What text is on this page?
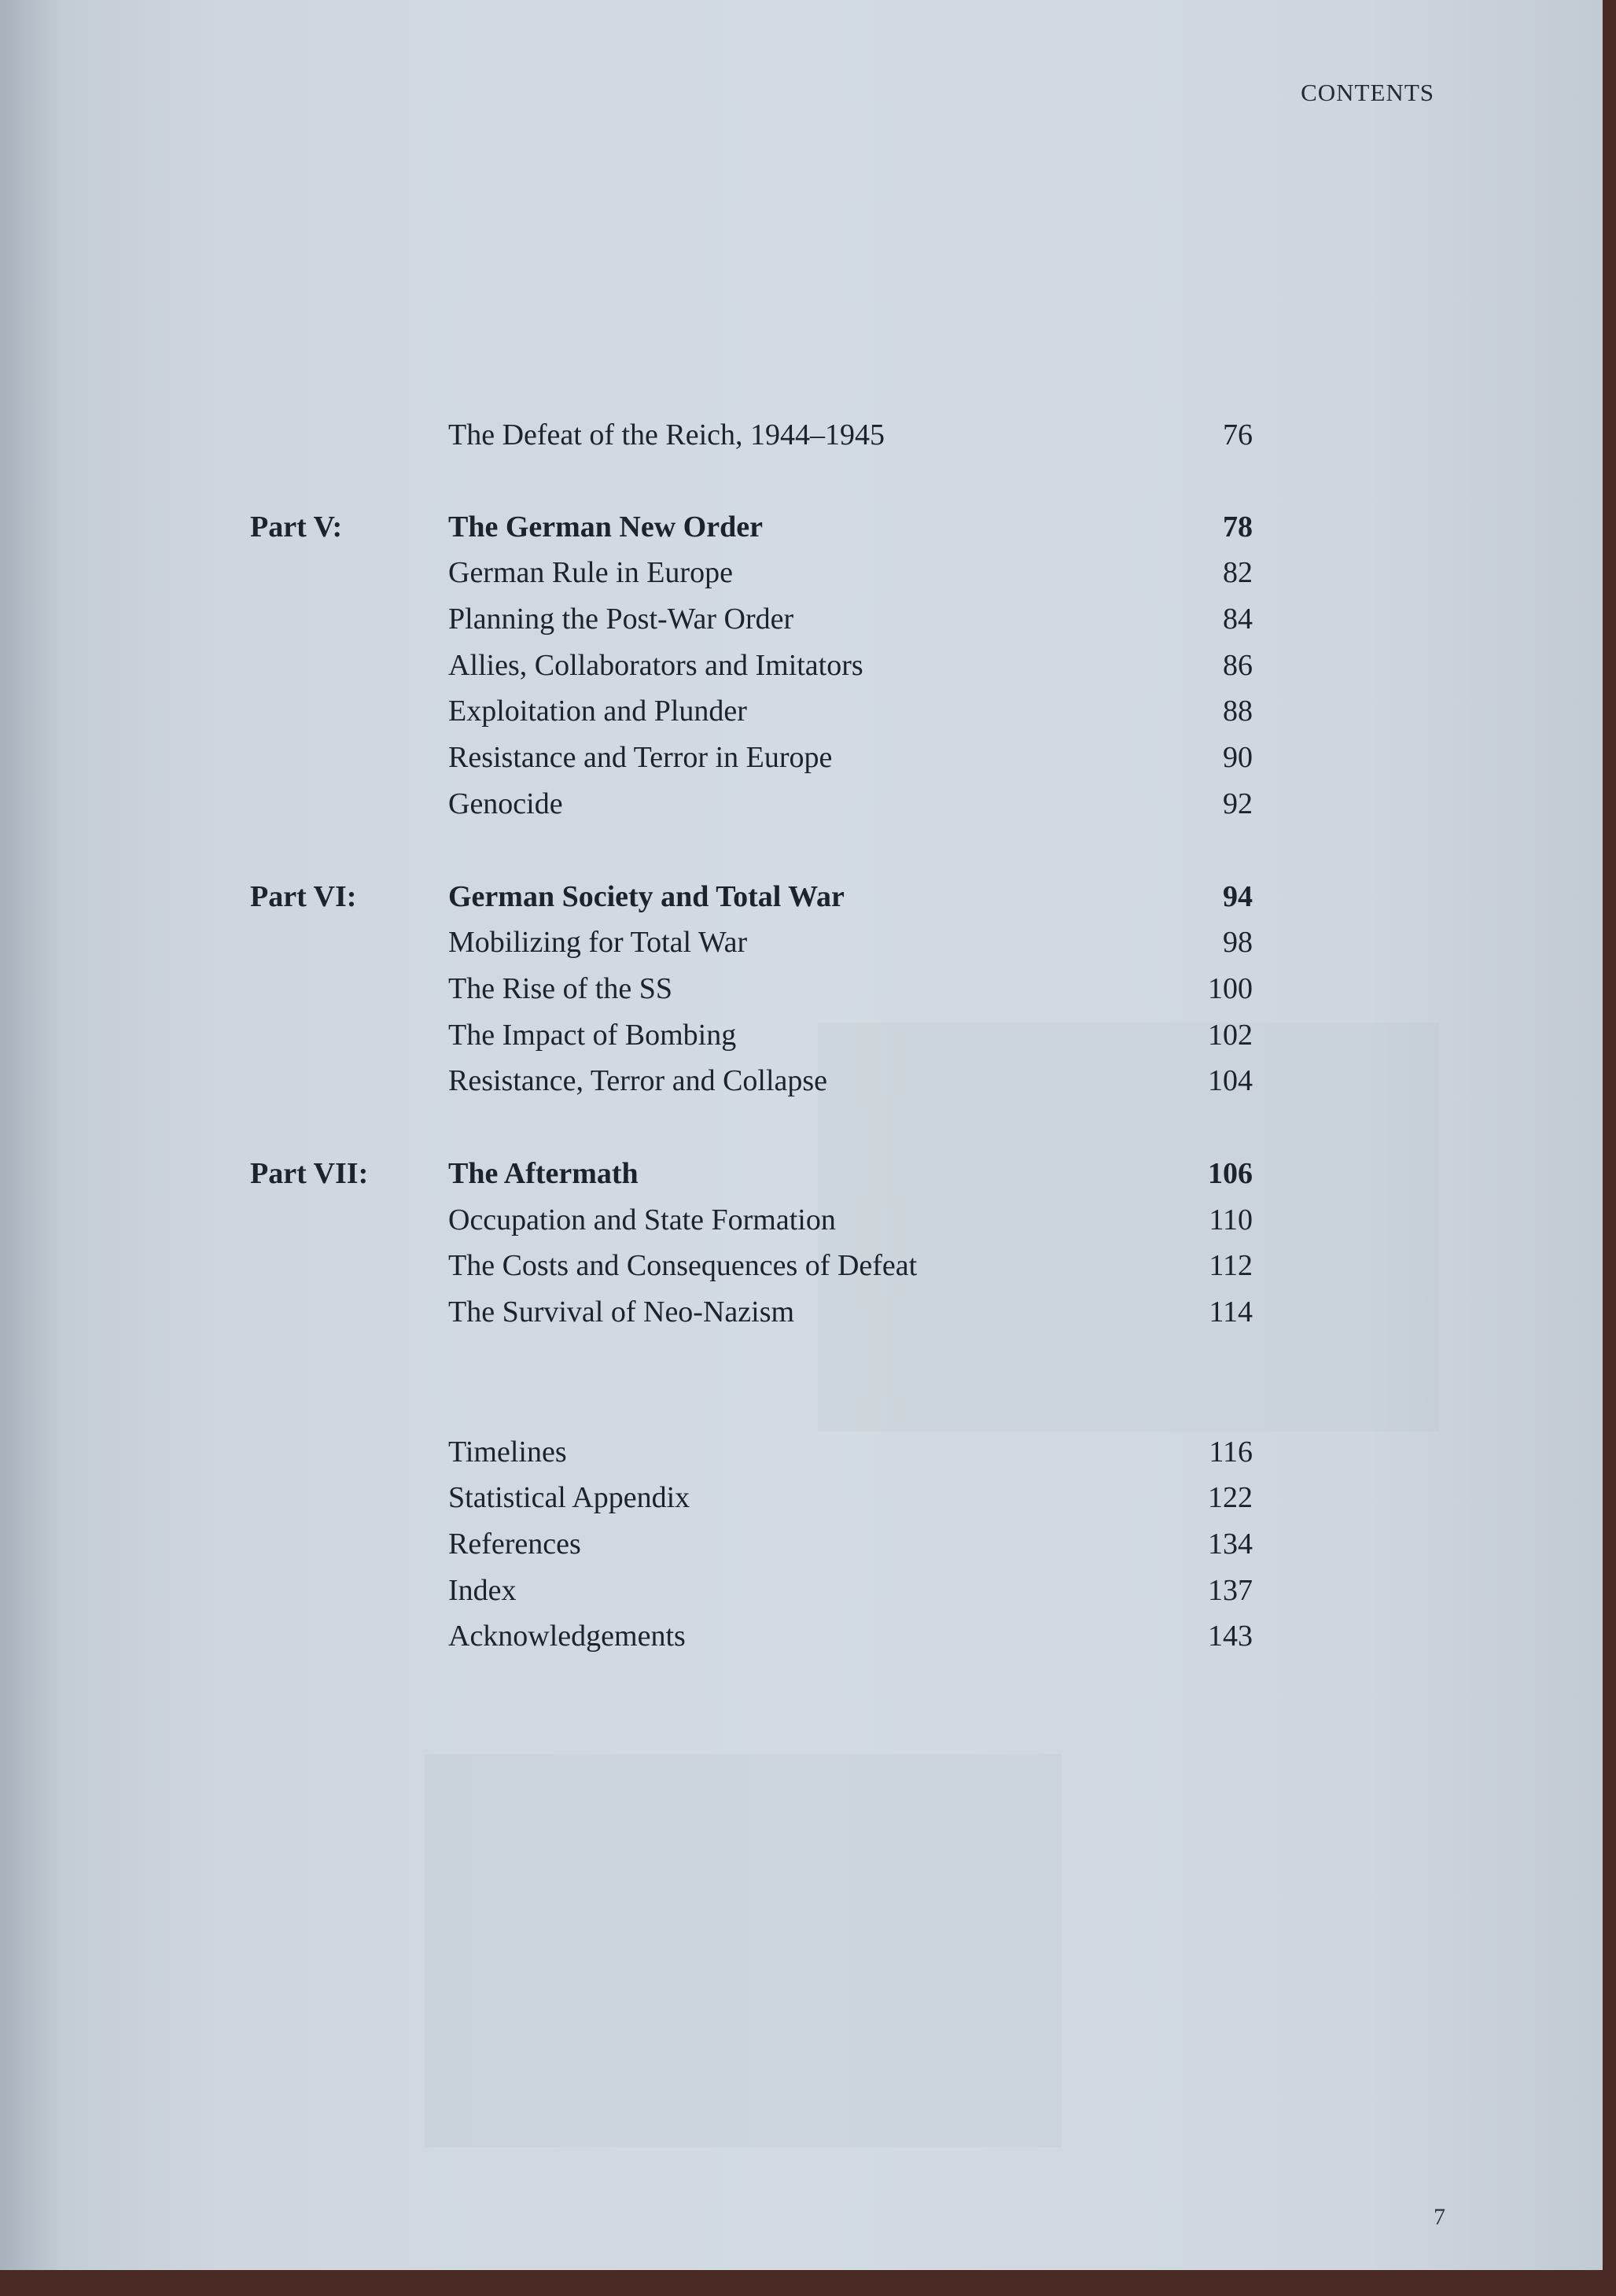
CONTENTS
The Defeat of the Reich, 1944–1945	76
Part V:	The German New Order	78
German Rule in Europe	82
Planning the Post-War Order	84
Allies, Collaborators and Imitators	86
Exploitation and Plunder	88
Resistance and Terror in Europe	90
Genocide	92
Part VI:	German Society and Total War	94
Mobilizing for Total War	98
The Rise of the SS	100
The Impact of Bombing	102
Resistance, Terror and Collapse	104
Part VII:	The Aftermath	106
Occupation and State Formation	110
The Costs and Consequences of Defeat	112
The Survival of Neo-Nazism	114
Timelines	116
Statistical Appendix	122
References	134
Index	137
Acknowledgements	143
7
